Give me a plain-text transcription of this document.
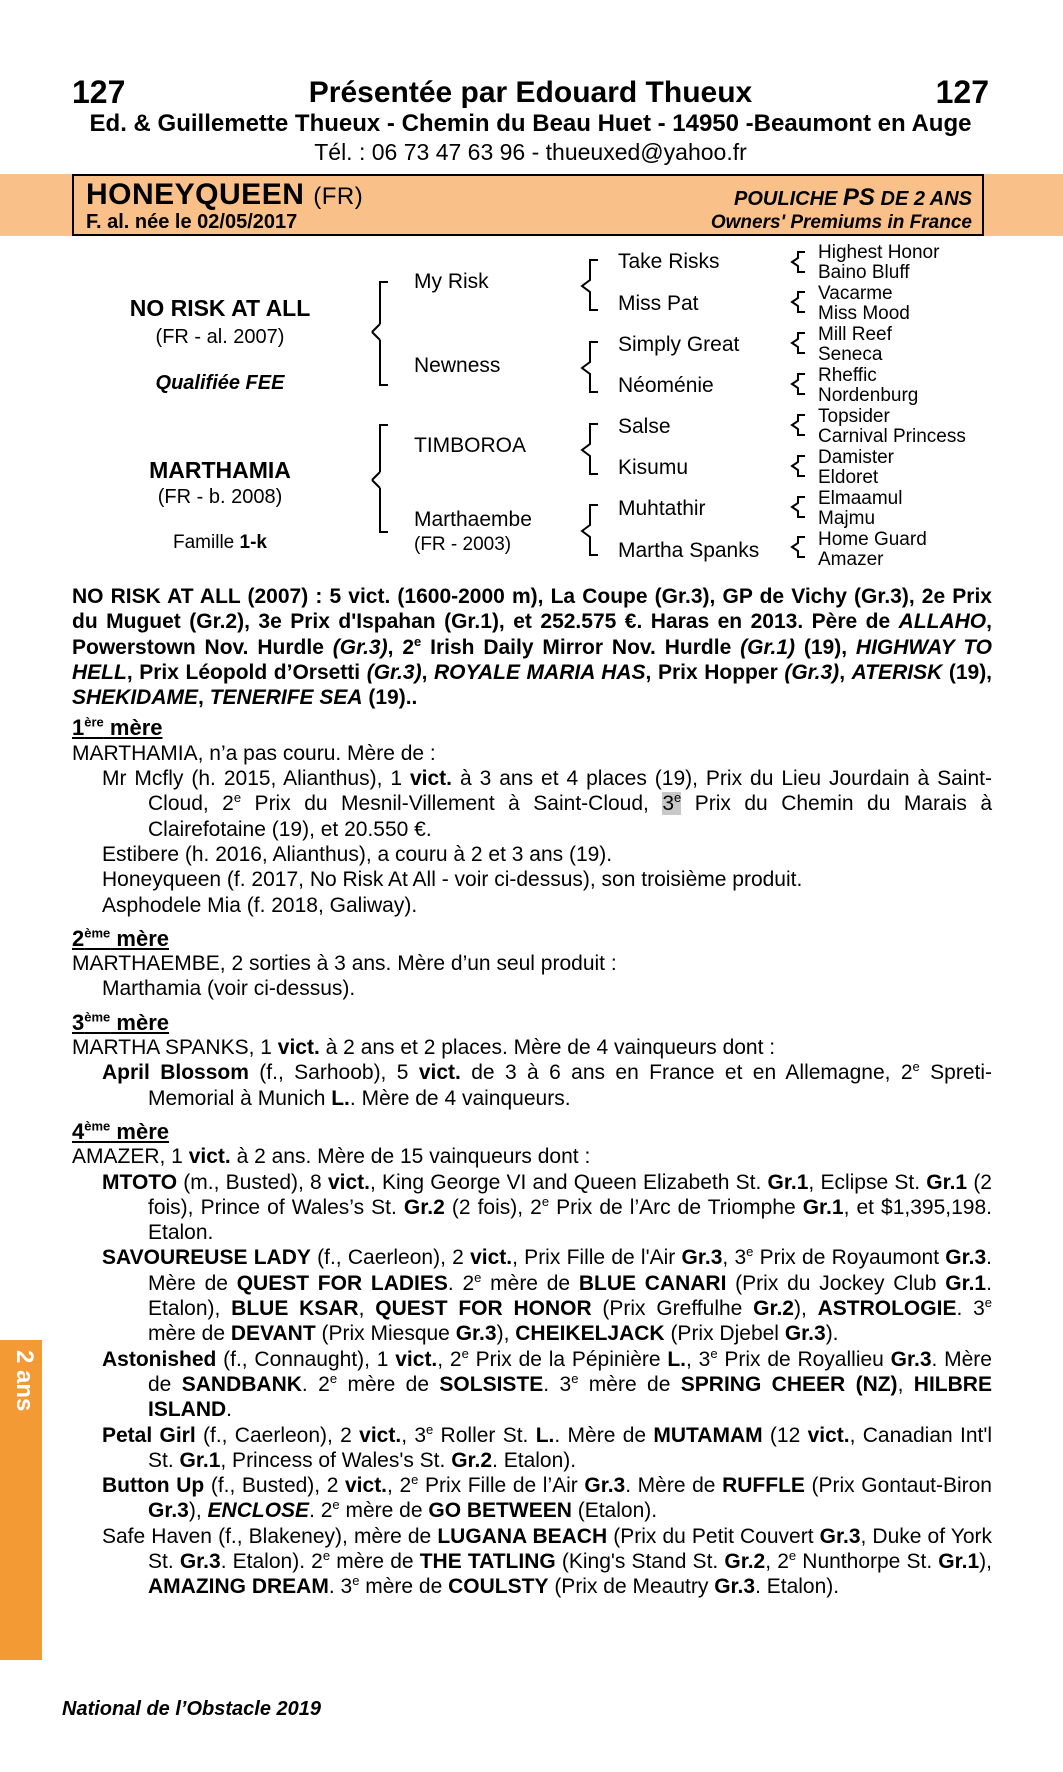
127	Présentée par Edouard Thueux	127
Ed. & Guillemette Thueux - Chemin du Beau Huet - 14950 -Beaumont en Auge
Tél. : 06 73 47 63 96 - thueuxed@yahoo.fr
HONEYQUEEN (FR)
F. al. née le 02/05/2017
POULICHE PS DE 2 ANS
Owners' Premiums in France
NO RISK AT ALL
(FR - al. 2007)
Qualifiée FEE
MARTHAMIA
(FR - b. 2008)
Famille 1-k
My Risk
Newness
TIMBOROA
Marthaembe
(FR - 2003)
Take Risks
Miss Pat
Simply Great
Néoménie
Salse
Kisumu
Muhtathir
Martha Spanks
Highest Honor
Baino Bluff
Vacarme
Miss Mood
Mill Reef
Seneca
Rheffic
Nordenburg
Topsider
Carnival Princess
Damister
Eldoret
Elmaamul
Majmu
Home Guard
Amazer
NO RISK AT ALL (2007) : 5 vict. (1600-2000 m), La Coupe (Gr.3), GP de Vichy (Gr.3), 2e Prix du Muguet (Gr.2), 3e Prix d'Ispahan (Gr.1), et 252.575 €. Haras en 2013. Père de ALLAHO, Powerstown Nov. Hurdle (Gr.3), 2e Irish Daily Mirror Nov. Hurdle (Gr.1) (19), HIGHWAY TO HELL, Prix Léopold d’Orsetti (Gr.3), ROYALE MARIA HAS, Prix Hopper (Gr.3), ATERISK (19), SHEKIDAME, TENERIFE SEA (19)..
1ère mère
MARTHAMIA, n’a pas couru. Mère de :
Mr Mcfly (h. 2015, Alianthus), 1 vict. à 3 ans et 4 places (19), Prix du Lieu Jourdain à Saint-Cloud, 2e Prix du Mesnil-Villement à Saint-Cloud, 3e Prix du Chemin du Marais à Clairefotaine (19), et 20.550 €.
Estibere (h. 2016, Alianthus), a couru à 2 et 3 ans (19).
Honeyqueen (f. 2017, No Risk At All - voir ci-dessus), son troisième produit.
Asphodele Mia (f. 2018, Galiway).
2ème mère
MARTHAEMBE, 2 sorties à 3 ans. Mère d’un seul produit :
Marthamia (voir ci-dessus).
3ème mère
MARTHA SPANKS, 1 vict. à 2 ans et 2 places. Mère de 4 vainqueurs dont :
April Blossom (f., Sarhoob), 5 vict. de 3 à 6 ans en France et en Allemagne, 2e Spreti-Memorial à Munich L.. Mère de 4 vainqueurs.
4ème mère
AMAZER, 1 vict. à 2 ans. Mère de 15 vainqueurs dont :
MTOTO (m., Busted), 8 vict., King George VI and Queen Elizabeth St. Gr.1, Eclipse St. Gr.1 (2 fois), Prince of Wales’s St. Gr.2 (2 fois), 2e Prix de l’Arc de Triomphe Gr.1, et $1,395,198. Etalon.
SAVOUREUSE LADY (f., Caerleon), 2 vict., Prix Fille de l'Air Gr.3, 3e Prix de Royaumont Gr.3. Mère de QUEST FOR LADIES. 2e mère de BLUE CANARI (Prix du Jockey Club Gr.1. Etalon), BLUE KSAR, QUEST FOR HONOR (Prix Greffulhe Gr.2), ASTROLOGIE. 3e mère de DEVANT (Prix Miesque Gr.3), CHEIKELJACK (Prix Djebel Gr.3).
Astonished (f., Connaught), 1 vict., 2e Prix de la Pépinière L., 3e Prix de Royallieu Gr.3. Mère de SANDBANK. 2e mère de SOLSISTE. 3e mère de SPRING CHEER (NZ), HILBRE ISLAND.
Petal Girl (f., Caerleon), 2 vict., 3e Roller St. L.. Mère de MUTAMAM (12 vict., Canadian Int'l St. Gr.1, Princess of Wales's St. Gr.2. Etalon).
Button Up (f., Busted), 2 vict., 2e Prix Fille de l’Air Gr.3. Mère de RUFFLE (Prix Gontaut-Biron Gr.3), ENCLOSE. 2e mère de GO BETWEEN (Etalon).
Safe Haven (f., Blakeney), mère de LUGANA BEACH (Prix du Petit Couvert Gr.3, Duke of York St. Gr.3. Etalon). 2e mère de THE TATLING (King's Stand St. Gr.2, 2e Nunthorpe St. Gr.1), AMAZING DREAM. 3e mère de COULSTY (Prix de Meautry Gr.3. Etalon).
2 ans
National de l’Obstacle 2019
